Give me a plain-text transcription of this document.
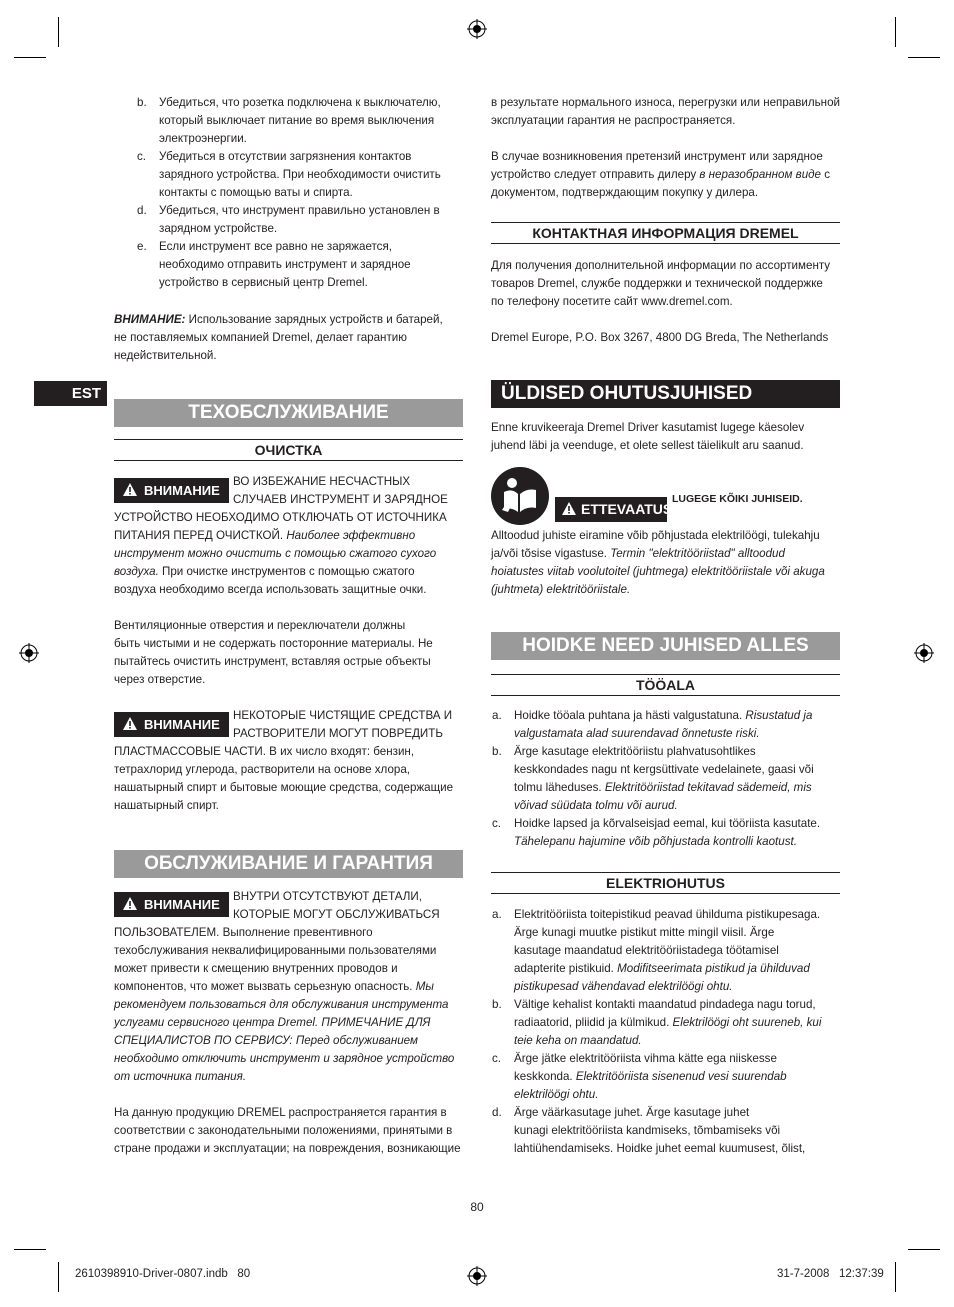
EST
b. Убедиться, что розетка подключена к выключателю,
который выключает питание во время выключения
электроэнергии.
c. Убедиться в отсутствии загрязнения контактов
зарядного устройства. При необходимости очистить
контакты с помощью ваты и спирта.
d. Убедиться, что инструмент правильно установлен в
зарядном устройстве.
e. Если инструмент все равно не заряжается,
необходимо отправить инструмент и зарядное
устройство в сервисный центр Dremel.
ВНИМАНИЕ: Использование зарядных устройств и батарей,
не поставляемых компанией Dremel, делает гарантию
недействительной.
ТЕХОБСЛУЖИВАНИЕ
ОЧИСТКА
ВНИМАНИЕ
ВО ИЗБЕЖАНИЕ НЕСЧАСТНЫХ
СЛУЧАЕВ ИНСТРУМЕНТ И ЗАРЯДНОЕ
УСТРОЙСТВО НЕОБХОДИМО ОТКЛЮЧАТЬ ОТ ИСТОЧНИКА
ПИТАНИЯ ПЕРЕД ОЧИСТКОЙ. Наиболее эффективно
инструмент можно очистить с помощью сжатого сухого
воздуха. При очистке инструментов с помощью сжатого
воздуха необходимо всегда использовать защитные очки.
Вентиляционные отверстия и переключатели должны
быть чистыми и не содержать посторонние материалы. Не
пытайтесь очистить инструмент, вставляя острые объекты
через отверстие.
ВНИМАНИЕ
НЕКОТОРЫЕ ЧИСТЯЩИЕ СРЕДСТВА И
РАСТВОРИТЕЛИ МОГУТ ПОВРЕДИТЬ
ПЛАСТМАССОВЫЕ ЧАСТИ. В их число входят: бензин,
тетрахлорид углерода, растворители на основе хлора,
нашатырный спирт и бытовые моющие средства, содержащие
нашатырный спирт.
ОБСЛУЖИВАНИЕ И ГАРАНТИЯ
ВНИМАНИЕ
ВНУТРИ ОТСУТСТВУЮТ ДЕТАЛИ,
КОТОРЫЕ МОГУТ ОБСЛУЖИВАТЬСЯ
ПОЛЬЗОВАТЕЛЕМ. Выполнение превентивного
техобслуживания неквалифицированными пользователями
может привести к смещению внутренних проводов и
компонентов, что может вызвать серьезную опасность. Мы
рекомендуем пользоваться для обслуживания инструмента
услугами сервисного центра Dremel. ПРИМЕЧАНИЕ ДЛЯ
СПЕЦИАЛИСТОВ ПО СЕРВИСУ: Перед обслуживанием
необходимо отключить инструмент и зарядное устройство
от источника питания.
На данную продукцию DREMEL распространяется гарантия в
соответствии с законодательными положениями, принятыми в
стране продажи и эксплуатации; на повреждения, возникающие
в результате нормального износа, перегрузки или неправильной
эксплуатации гарантия не распространяется.
В случае возникновения претензий инструмент или зарядное
устройство следует отправить дилеру в неразобранном виде с
документом, подтверждающим покупку у дилера.
КОНТАКТНАЯ ИНФОРМАЦИЯ DREMEL
Для получения дополнительной информации по ассортименту
товаров Dremel, службе поддержки и технической поддержке
по телефону посетите сайт www.dremel.com.
Dremel Europe, P.O. Box 3267, 4800 DG Breda, The Netherlands
ÜLDISED OHUTUSJUHISED
Enne kruvikeeraja Dremel Driver kasutamist lugege käesolev
juhend läbi ja veenduge, et olete sellest täielikult aru saanud.
ETTEVAATUST
LUGEGE KÕIKI JUHISEID.
Alltoodud juhiste eiramine võib põhjustada elektrilöögi, tulekahju
ja/või tõsise vigastuse. Termin "elektritööriistad" alltoodud
hoiatustes viitab voolutoitel (juhtmega) elektritööriistale või akuga
(juhtmeta) elektritööriistale.
HOIDKE NEED JUHISED ALLES
TÖÖALA
a. Hoidke tööala puhtana ja hästi valgustatuna. Risustatud ja
valgustamata alad suurendavad õnnetuste riski.
b. Ärge kasutage elektritööriistu plahvatusohtlikes
keskkondades nagu nt kergsüttivate vedelainete, gaasi või
tolmu läheduses. Elektritööriistad tekitavad sädemeid, mis
võivad süüdata tolmu või aurud.
c. Hoidke lapsed ja kõrvalseisjad eemal, kui tööriista kasutate.
Tähelepanu hajumine võib põhjustada kontrolli kaotust.
ELEKTRIOHUTUS
a. Elektritööriista toitepistikud peavad ühilduma pistikupesaga.
Ärge kunagi muutke pistikut mitte mingil viisil. Ärge
kasutage maandatud elektritööriistadega töötamisel
adapterite pistikuid. Modifitseerimata pistikud ja ühilduvad
pistikupesad vähendavad elektrilöögi ohtu.
b. Vältige kehalist kontakti maandatud pindadega nagu torud,
radiaatorid, pliidid ja külmikud. Elektrilöögi oht suureneb, kui
teie keha on maandatud.
c. Ärge jätke elektritööriista vihma kätte ega niiskesse
keskkonda. Elektritööriista sisenenud vesi suurendab
elektrilöögi ohtu.
d. Ärge väärkasutage juhet. Ärge kasutage juhet
kunagi elektritööriista kandmiseks, tõmbamiseks või
lahtiühendamiseks. Hoidke juhet eemal kuumusest, õlist,
80
2610398910-Driver-0807.indb   80	31-7-2008   12:37:39
